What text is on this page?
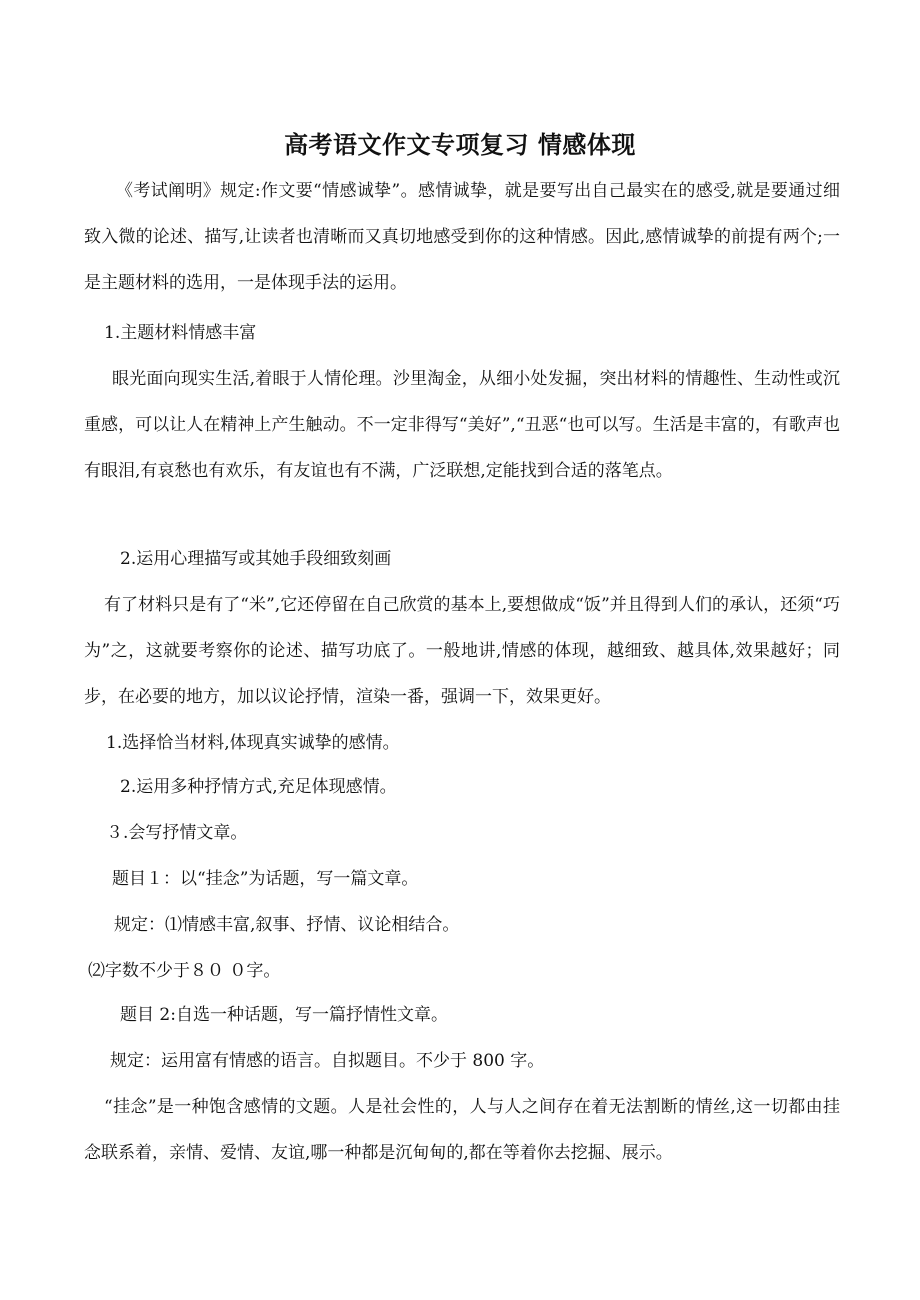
高考语文作文专项复习 情感体现

《考试阐明》规定:作文要“情感诚挚”。感情诚挚，就是要写出自己最实在的感受,就是要通过细致入微的论述、描写,让读者也清晰而又真切地感受到你的这种情感。因此,感情诚挚的前提有两个;一是主题材料的选用，一是体现手法的运用。

1.主题材料情感丰富

眼光面向现实生活,着眼于人情伦理。沙里淘金，从细小处发掘，突出材料的情趣性、生动性或沉重感，可以让人在精神上产生触动。不一定非得写“美好”,“丑恶“也可以写。生活是丰富的，有歌声也有眼泪,有哀愁也有欢乐，有友谊也有不满，广泛联想,定能找到合适的落笔点。

2.运用心理描写或其她手段细致刻画

有了材料只是有了“米”,它还停留在自己欣赏的基本上,要想做成“饭”并且得到人们的承认，还须“巧为”之，这就要考察你的论述、描写功底了。一般地讲,情感的体现，越细致、越具体,效果越好；同步，在必要的地方，加以议论抒情，渲染一番，强调一下，效果更好。

1.选择恰当材料,体现真实诚挚的感情。

2.运用多种抒情方式,充足体现感情。

３.会写抒情文章。

题目１：以“挂念”为话题，写一篇文章。

规定：⑴情感丰富,叙事、抒情、议论相结合。

⑵字数不少于８０ ０字。

题目 2:自选一种话题，写一篇抒情性文章。

规定：运用富有情感的语言。自拟题目。不少于 800 字。

“挂念”是一种饱含感情的文题。人是社会性的，人与人之间存在着无法割断的情丝,这一切都由挂念联系着，亲情、爱情、友谊,哪一种都是沉甸甸的,都在等着你去挖掘、展示。
